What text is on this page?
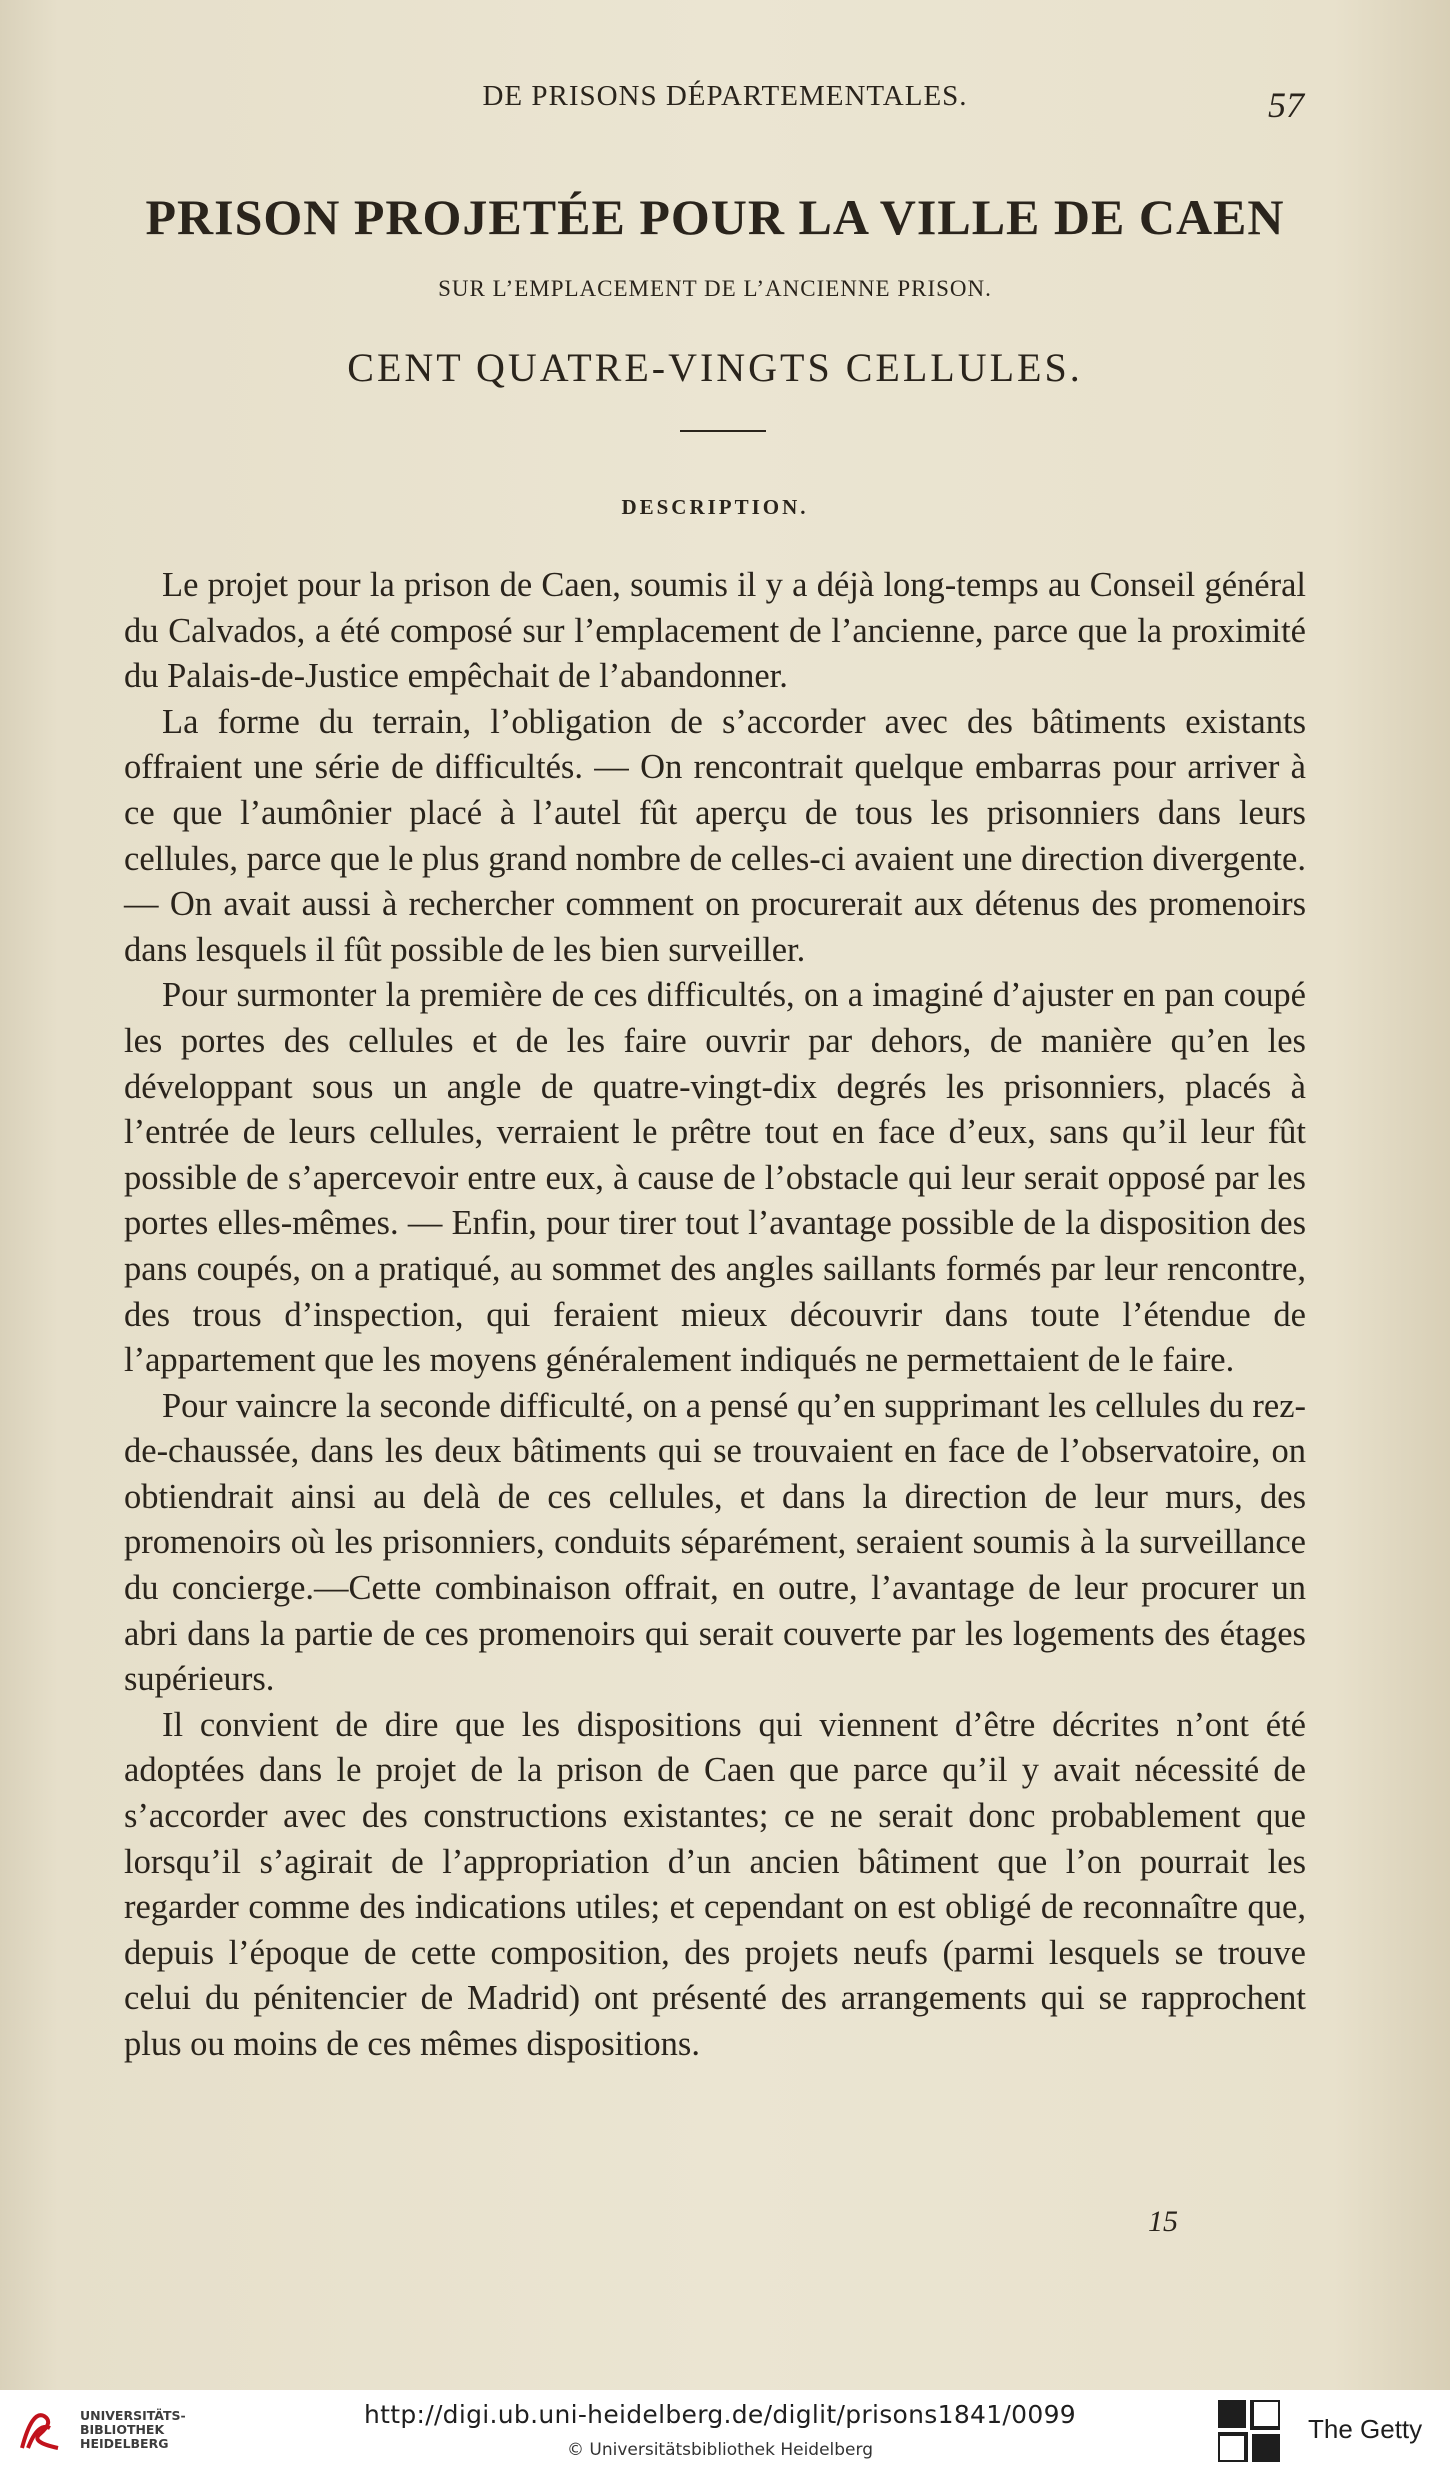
DE PRISONS DÉPARTEMENTALES.	57
PRISON PROJETÉE POUR LA VILLE DE CAEN
SUR L’EMPLACEMENT DE L’ANCIENNE PRISON.
CENT QUATRE-VINGTS CELLULES.
DESCRIPTION.

Le projet pour la prison de Caen, soumis il y a déjà long-temps au Conseil général du Calvados, a été composé sur l’emplacement de l’ancienne, parce que la proximité du Palais-de-Justice empêchait de l’abandonner.

La forme du terrain, l’obligation de s’accorder avec des bâtiments existants offraient une série de difficultés. — On rencontrait quelque embarras pour arriver à ce que l’aumônier placé à l’autel fût aperçu de tous les prisonniers dans leurs cellules, parce que le plus grand nombre de celles-ci avaient une direction divergente. — On avait aussi à rechercher comment on procurerait aux détenus des promenoirs dans lesquels il fût possible de les bien surveiller.

Pour surmonter la première de ces difficultés, on a imaginé d’ajuster en pan coupé les portes des cellules et de les faire ouvrir par dehors, de manière qu’en les développant sous un angle de quatre-vingt-dix degrés les prisonniers, placés à l’entrée de leurs cellules, verraient le prêtre tout en face d’eux, sans qu’il leur fût possible de s’apercevoir entre eux, à cause de l’obstacle qui leur serait opposé par les portes elles-mêmes. — Enfin, pour tirer tout l’avantage possible de la disposition des pans coupés, on a pratiqué, au sommet des angles saillants formés par leur rencontre, des trous d’inspection, qui feraient mieux découvrir dans toute l’étendue de l’appartement que les moyens généralement indiqués ne permettaient de le faire.

Pour vaincre la seconde difficulté, on a pensé qu’en supprimant les cellules du rez-de-chaussée, dans les deux bâtiments qui se trouvaient en face de l’observatoire, on obtiendrait ainsi au delà de ces cellules, et dans la direction de leur murs, des promenoirs où les prisonniers, conduits séparément, seraient soumis à la surveillance du concierge.—Cette combinaison offrait, en outre, l’avantage de leur procurer un abri dans la partie de ces promenoirs qui serait couverte par les logements des étages supérieurs.

Il convient de dire que les dispositions qui viennent d’être décrites n’ont été adoptées dans le projet de la prison de Caen que parce qu’il y avait nécessité de s’accorder avec des constructions existantes; ce ne serait donc probablement que lorsqu’il s’agirait de l’appropriation d’un ancien bâtiment que l’on pourrait les regarder comme des indications utiles; et cependant on est obligé de reconnaître que, depuis l’époque de cette composition, des projets neufs (parmi lesquels se trouve celui du pénitencier de Madrid) ont présenté des arrangements qui se rapprochent plus ou moins de ces mêmes dispositions.

15
UNIVERSITÄTS-
BIBLIOTHEK
HEIDELBERG
http://digi.ub.uni-heidelberg.de/diglit/prisons1841/0099
© Universitätsbibliothek Heidelberg
The Getty
